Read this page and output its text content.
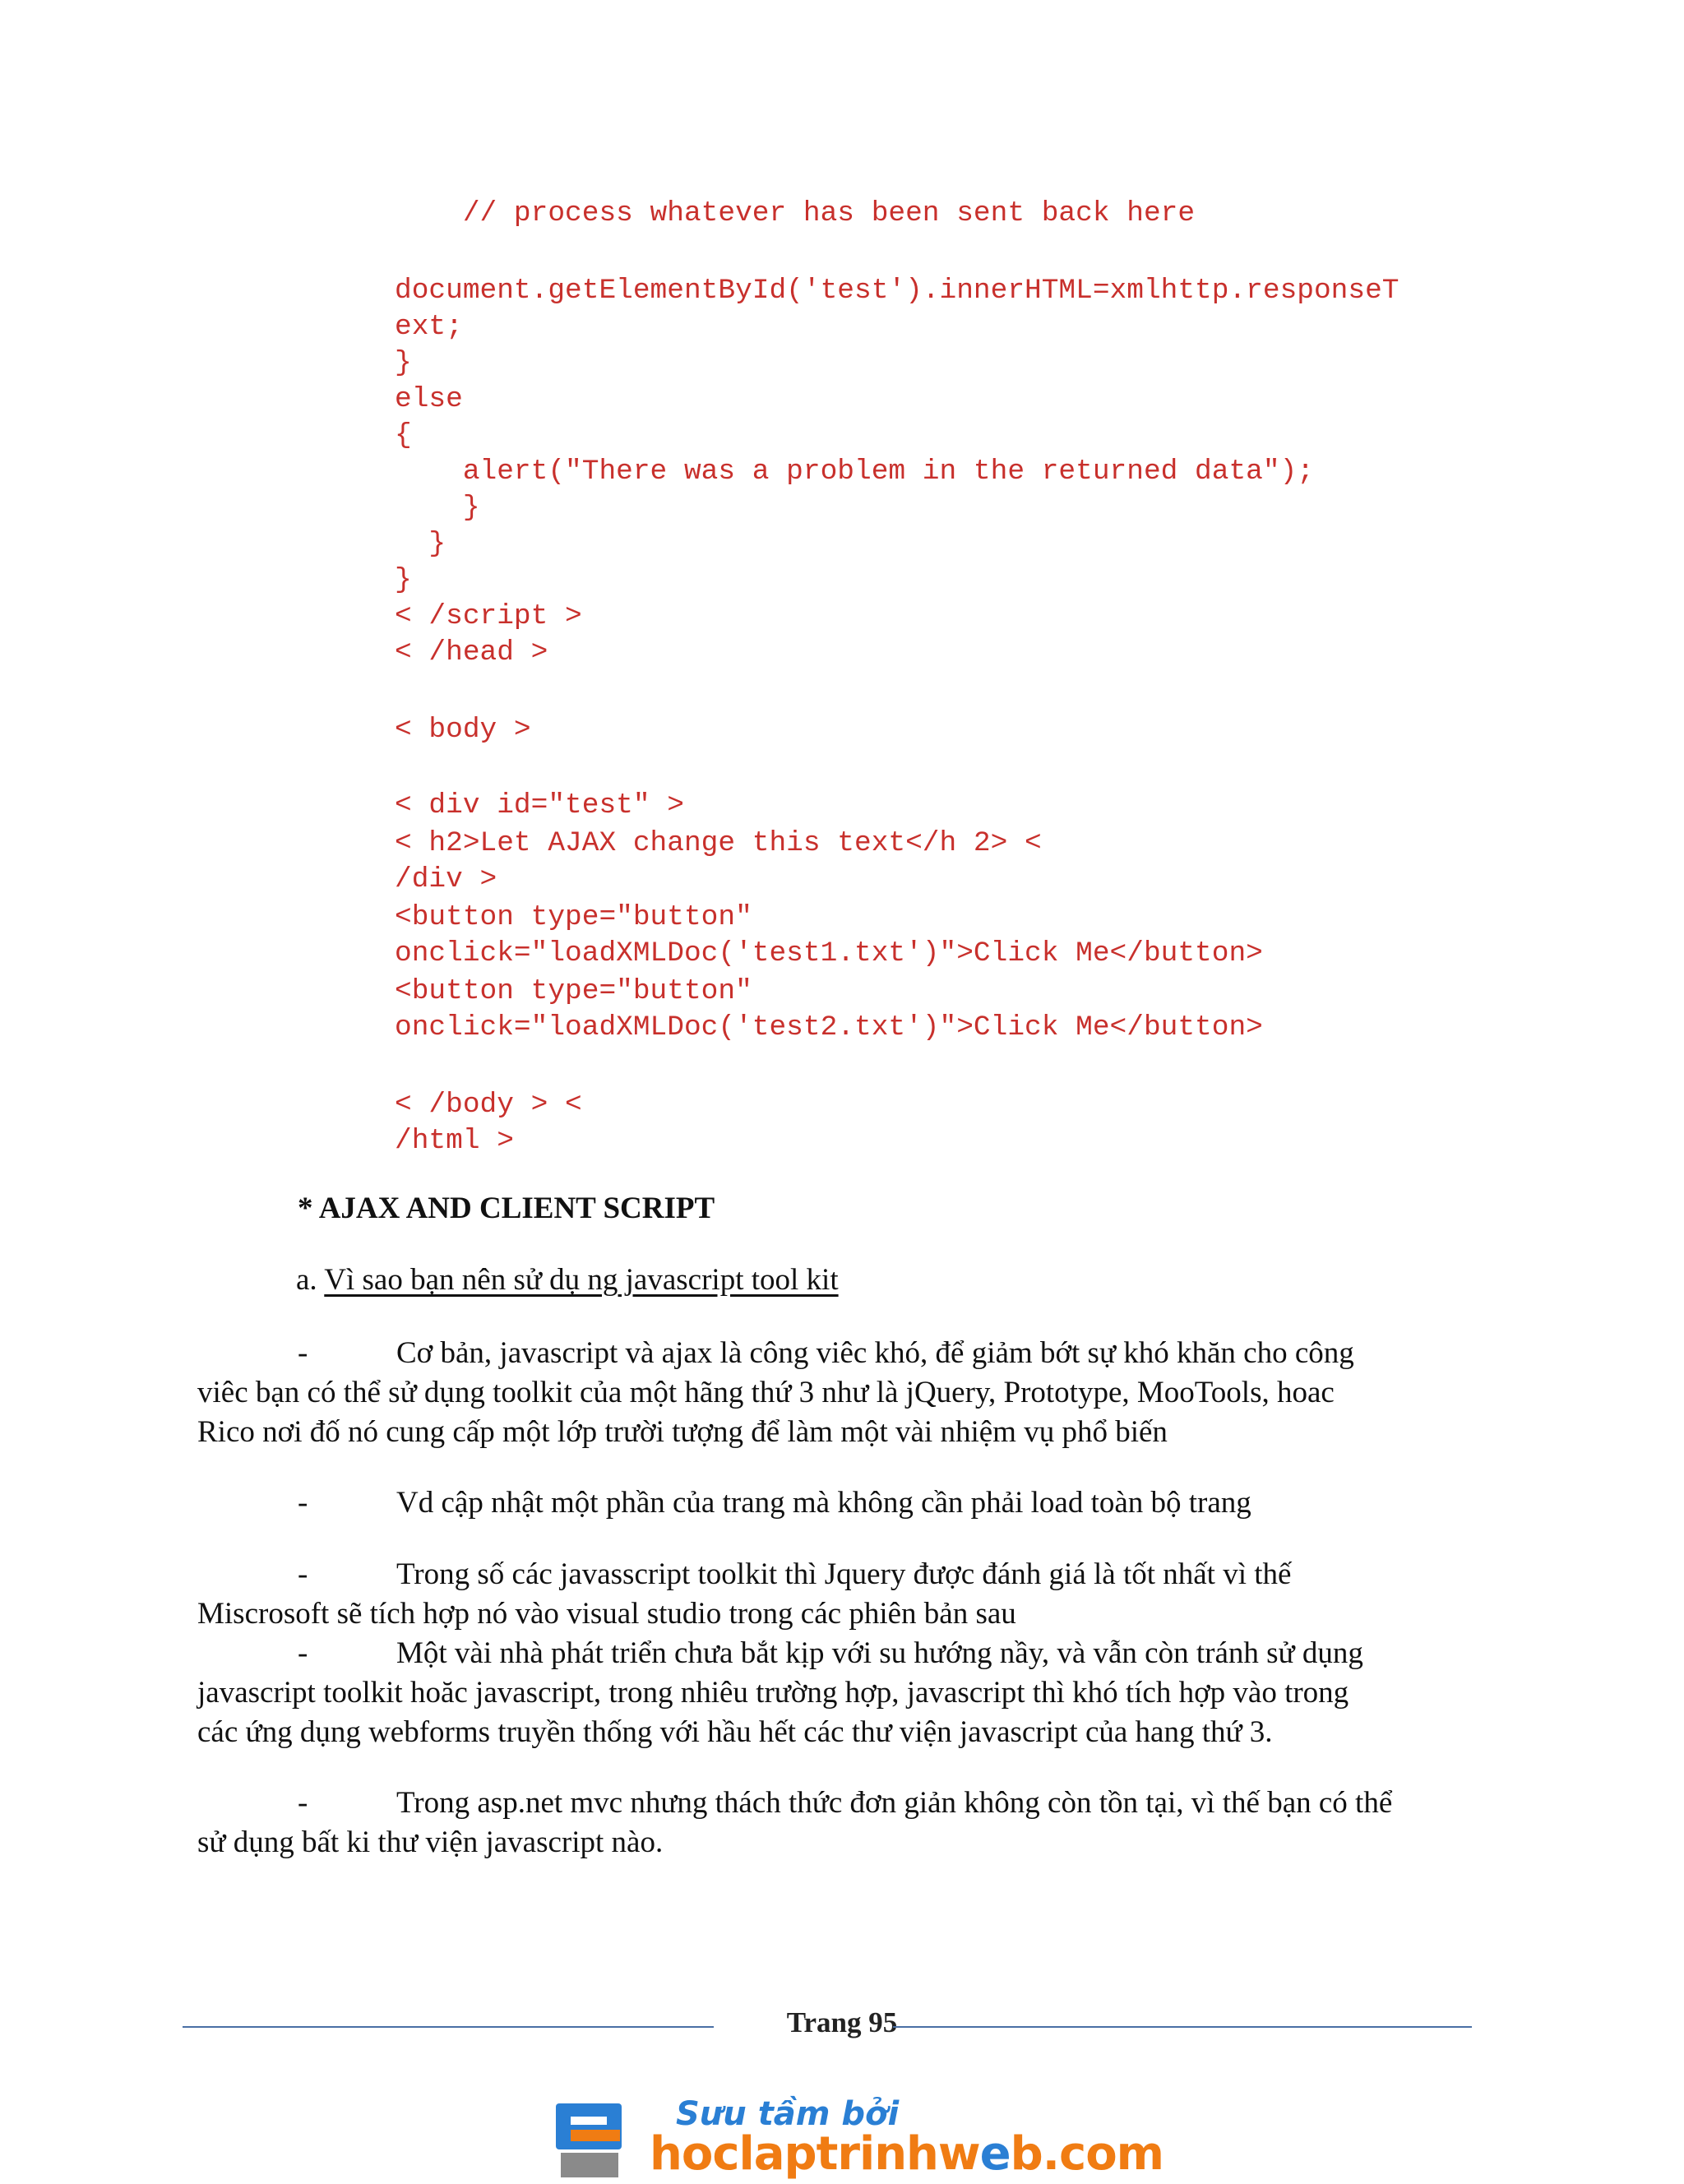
// process whatever has been sent back here

document.getElementById('test').innerHTML=xmlhttp.responseT

ext;

}

else

{

alert("There was a problem in the returned data");

}

}

}

< /script >

< /head >

< body >

< div id="test" >

< h2>Let AJAX change this text</h 2> <

/div >

<button type="button"

onclick="loadXMLDoc('test1.txt')">Click Me</button>

<button type="button"

onclick="loadXMLDoc('test2.txt')">Click Me</button>

< /body > <

/html >

* AJAX AND CLIENT SCRIPT
a. Vì sao bạn nên sử dụ ng javascript tool kit
-	Cơ bản, javascript và ajax là công viêc khó, để giảm bớt sự khó khăn cho công
viêc bạn có thể sử dụng toolkit của một hãng thứ 3 như là jQuery, Prototype, MooTools, hoac
Rico nơi đố nó cung cấp một lớp trười tượng để làm một vài nhiệm vụ phổ biến
-	Vd cập nhật một phần của trang mà không cần phải load toàn bộ trang
-	Trong số các javasscript toolkit thì Jquery được đánh giá là tốt nhất vì thế
Miscrosoft sẽ tích hợp nó vào visual studio trong các phiên bản sau
-	Một vài nhà phát triển chưa bắt kịp với su hướng nầy, và vẫn còn tránh sử dụng
javascript toolkit hoăc javascript, trong nhiêu trường hợp, javascript thì khó tích hợp vào trong
các ứng dụng webforms truyền thống với hầu hết các thư viện javascript của hang thứ 3.
-	Trong asp.net mvc nhưng thách thức đơn giản không còn tồn tại, vì thế bạn có thể
sử dụng bất ki thư viện javascript nào.
Trang 95
Sưu tầm bởi
hoclaptrinhweb.com
